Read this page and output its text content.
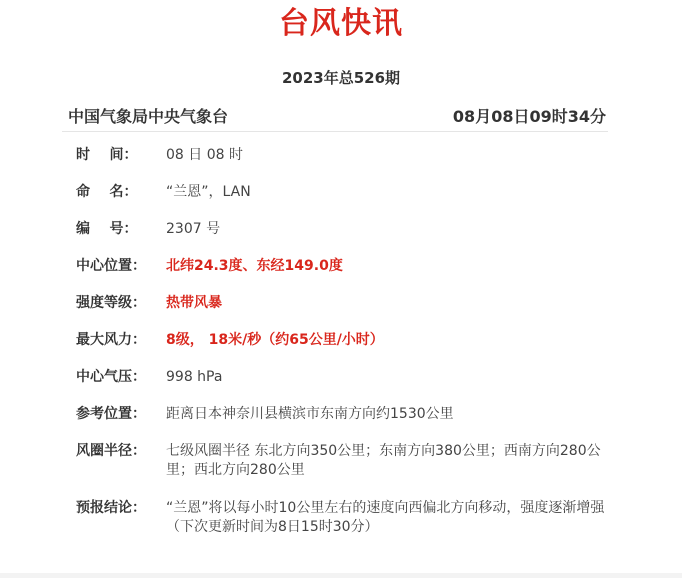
台风快讯
2023年总526期
中国气象局中央气象台	08月08日09时34分
时    间：	08 日 08 时
命    名：	“兰恩”，LAN
编    号：	2307 号
中心位置：	北纬24.3度、东经149.0度
强度等级：	热带风暴
最大风力：	8级， 18米/秒（约65公里/小时）
中心气压：	998 hPa
参考位置：	距离日本神奈川县横滨市东南方向约1530公里
风圈半径：	七级风圈半径 东北方向350公里；东南方向380公里；西南方向280公里；西北方向280公里
预报结论：	“兰恩”将以每小时10公里左右的速度向西偏北方向移动，强度逐渐增强
（下次更新时间为8日15时30分）
